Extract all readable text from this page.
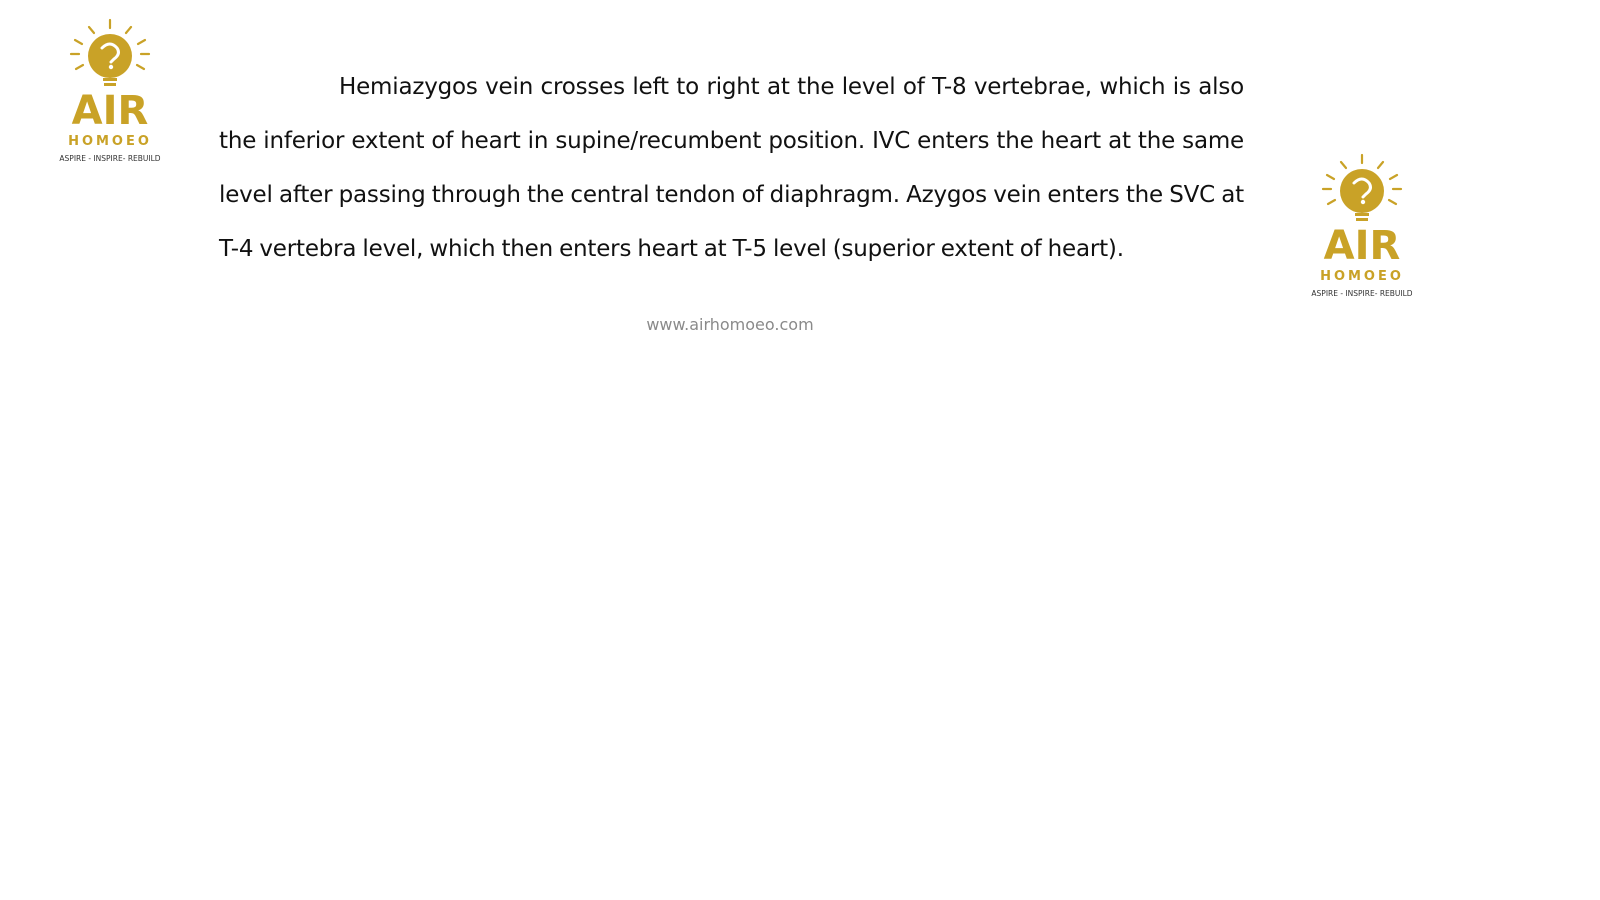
AIR
HOMOEO
ASPIRE - INSPIRE- REBUILD

Hemiazygos vein crosses left to right at the level of T-8 vertebrae, which is also the inferior extent of heart in supine/recumbent position. IVC enters the heart at the same level after passing through the central tendon of diaphragm. Azygos vein enters the SVC at T-4 vertebra level, which then enters heart at T-5 level (superior extent of heart).

www.airhomoeo.com
AIR
HOMOEO
ASPIRE - INSPIRE- REBUILD
